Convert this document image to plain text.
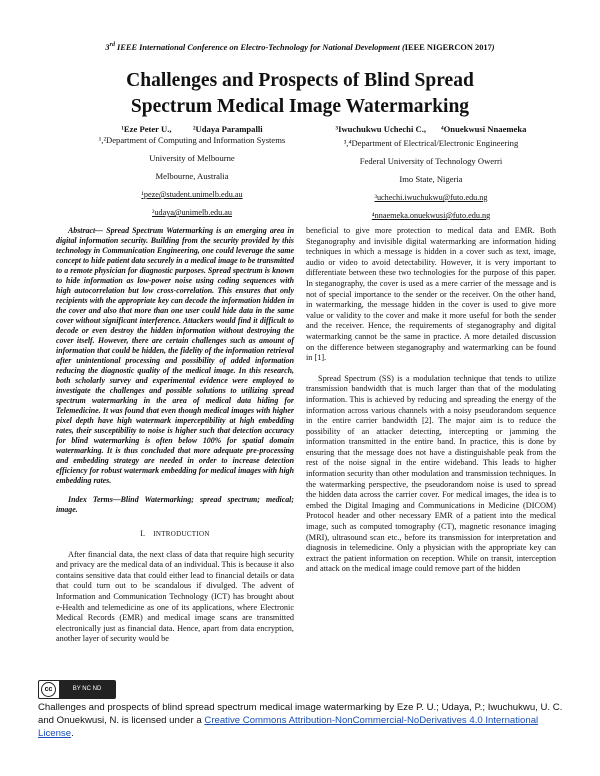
3rd IEEE International Conference on Electro-Technology for National Development (IEEE NIGERCON 2017)
Challenges and Prospects of Blind Spread
Spectrum Medical Image Watermarking
¹Eze Peter U.,          ²Udaya Parampalli
¹,²Department of Computing and Information Systems
University of Melbourne
Melbourne, Australia
¹peze@student.unimelb.edu.au
²udaya@unimelb.edu.au
³Iwuchukwu Uchechi C.,       ⁴Onuekwusi Nnaemeka
³,⁴Department of Electrical/Electronic Engineering
Federal University of Technology Owerri
Imo State, Nigeria
³uchechi.iwuchukwu@futo.edu.ng
⁴nnaemeka.onuekwusi@futo.edu.ng

Abstract— Spread Spectrum Watermarking is an emerging area in digital information security. Building from the security provided by this technology in Communication Engineering, one could leverage the same concept to hide patient data securely in a medical image to be transmitted to a remote physician for diagnostic purposes. Spread spectrum is known to hide information as low-power noise using coding sequences with high autocorrelation but low cross-correlation. This ensures that only recipients with the appropriate key can decode the information hidden in the cover and also that more than one user could hide data in the same cover without significant interference. Attackers would find it difficult to decode or even destroy the hidden information without destroying the cover itself. However, there are certain challenges such as amount of information that could be hidden, the fidelity of the information retrieval after unintentional processing and possibility of added information reducing the diagnostic quality of the medical image. In this research, both scholarly survey and experimental evidence were employed to investigate the challenges and possible solutions to utilizing spread spectrum watermarking in the area of medical data hiding for Telemedicine. It was found that even though medical images with higher pixel depth have high watermark imperceptibility at high embedding rates, their susceptibility to noise is higher such that detection accuracy for blind watermarking is often below 100% for spatial domain watermarking. It is thus concluded that more adequate pre-processing and embedding strategy are needed in order to increase detection efficiency for robust watermark embedding for medical images with high embedding rates.

Index Terms—Blind Watermarking; spread spectrum; medical; image.

I. INTRODUCTION

After financial data, the next class of data that require high security and privacy are the medical data of an individual. This is because it also contains sensitive data that could either lead to financial details or data that could turn out to be scandalous if divulged. The advent of Information and Communication Technology (ICT) has brought about e-Health and telemedicine as one of its applications, where Electronic Medical Records (EMR) and medical image scans are transmitted electronically just as financial data. Hence, apart from data encryption, another layer of security would be

beneficial to give more protection to medical data and EMR. Both Steganography and invisible digital watermarking are information hiding techniques in which a message is hidden in a cover such as text, image, audio or video to avoid detectability. However, it is very important to differentiate between these two technologies for the purpose of this paper. In steganography, the cover is used as a mere carrier of the message and is not of special importance to the sender or the receiver. On the other hand, in watermarking, the message hidden in the cover is used to give more value or validity to the cover and make it more useful for both the sender and the receiver. Hence, the requirements of steganography and digital watermarking cannot be the same in practice. A more detailed discussion on the difference between steganography and watermarking can be found in [1].

Spread Spectrum (SS) is a modulation technique that tends to utilize transmission bandwidth that is much larger than that of the modulating information. This is achieved by reducing and spreading the energy of the information across various channels with a noisy pseudorandom sequence in the entire carrier bandwidth [2]. The major aim is to reduce the possibility of an attacker detecting, intercepting or jamming the information transmitted in the entire band. In practice, this is done by ensuring that the message does not have a distinguishable peak from the rest of the noise signal in the entire wideband. This leads to higher information security than other modulation and transmission techniques. In the watermarking perspective, the pseudorandom noise is used to spread the hidden data across the carrier cover. For medical images, the idea is to embed the Digital Imaging and Communications in Medicine (DICOM) Protocol header and other necessary EMR of a patient into the medical image, such as computed tomography (CT), magnetic resonance imaging (MRI), ultrasound scan etc., before its transmission for interpretation and diagnosis in telemedicine. Only a physician with the appropriate key can extract the patient information on reception. While on transit, interception and attack on the medical image could remove part of the hidden

cc	BY NC ND
Challenges and prospects of blind spread spectrum medical image watermarking by Eze P. U.; Udaya, P.; Iwuchukwu, U. C. and Onuekwusi, N. is licensed under a Creative Commons Attribution-NonCommercial-NoDerivatives 4.0 International License.
